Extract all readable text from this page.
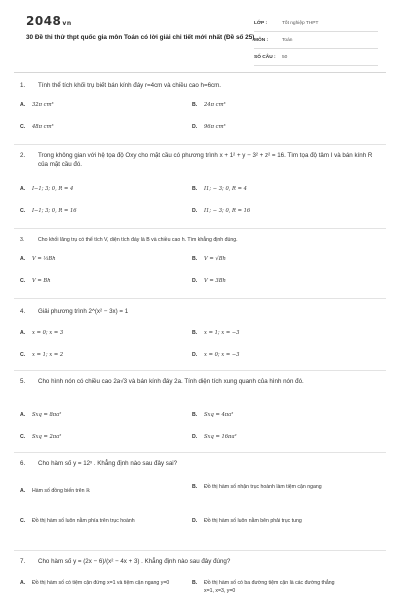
2048vn
30 Đề thi thử thpt quốc gia môn Toán có lời giải chi tiết mới nhất (Đề số 25)
LỚP :	Tốt nghiệp THPT
MÔN :	Toán
SỐ CÂU :	50
1.	Tính thể tích khối trụ biết bán kính đáy r=4cm và chiều cao h=6cm.
A.	32π cm³	B.	24π cm³
C.	48π cm³	D.	96π cm³
2.	Trong không gian với hệ tọa độ Oxy cho mặt cầu có phương trình x + 1² + y − 3² + z² = 16. Tìm tọa độ tâm I và bán kính R của mặt cầu đó.
A.	I−1; 3; 0, R = 4	B.	I1; − 3; 0, R = 4
C.	I−1; 3; 0, R = 16	D.	I1; − 3; 0, R = 16
3.	Cho khối lăng trụ có thể tích V, diện tích đáy là B và chiều cao h. Tìm khẳng định đúng.
A.	V = ⅓Bh	B.	V = √Bh
C.	V = Bh	D.	V = 3Bh
4.	Giải phương trình 2^(x² − 3x) = 1
A.	x = 0; x = 3	B.	x = 1; x = −3
C.	x = 1; x = 2	D.	x = 0; x = −3
5.	Cho hình nón có chiều cao 2a√3 và bán kính đáy 2a. Tính diện tích xung quanh của hình nón đó.
A.	Sxq = 8πa²	B.	Sxq = 4πa²
C.	Sxq = 2πa²	D.	Sxq = 16πa²
6.	Cho hàm số y = 12ˣ . Khẳng định nào sau đây sai?
A.	Hàm số đồng biến trên ℝ
B.	Đồ thị hàm số nhận trục hoành làm tiệm cận ngang
C.	Đồ thị hàm số luôn nằm phía trên trục hoành	D.	Đồ thị hàm số luôn nằm bên phải trục tung
7.	Cho hàm số y = (2x − 6)/(x² − 4x + 3) . Khẳng định nào sau đây đúng?
A.	Đồ thị hàm số có tiệm cận đứng x=1 và tiệm cận ngang y=0	B.	Đồ thị hàm số có ba đường tiệm cận là các đường thẳng x=1, x=3, y=0
